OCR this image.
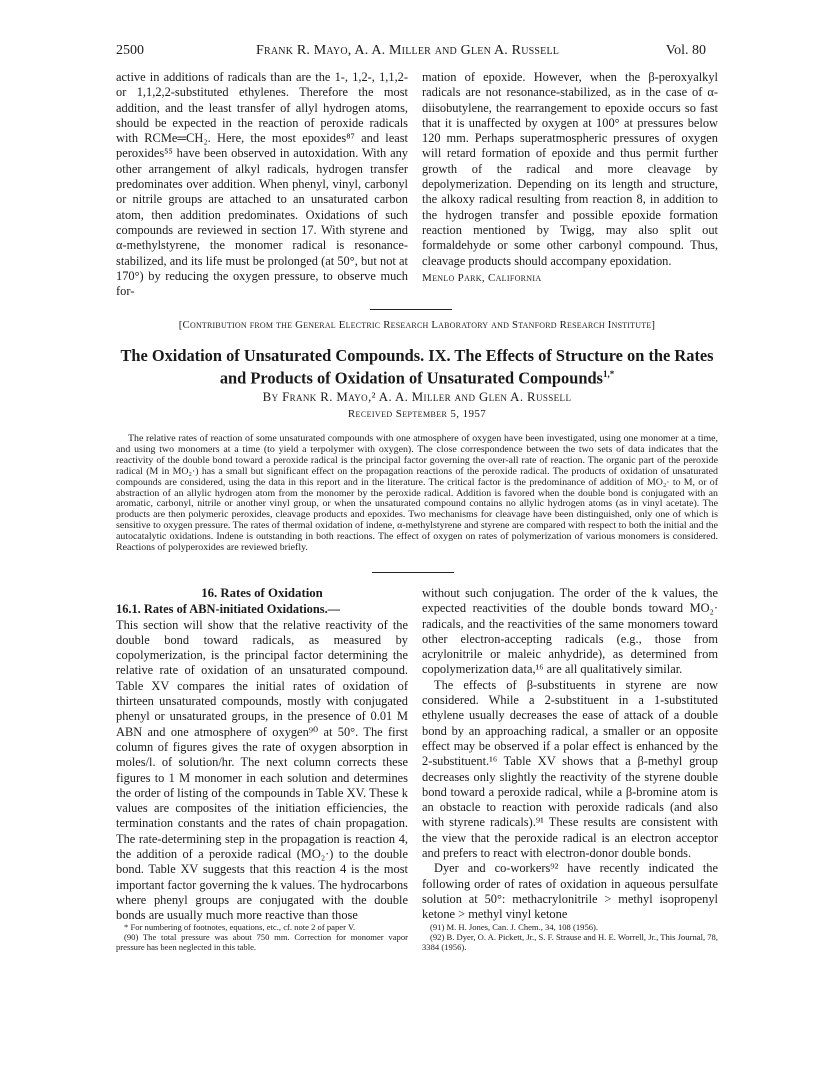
2500	Frank R. Mayo, A. A. Miller and Glen A. Russell	Vol. 80

active in additions of radicals than are the 1-, 1,2-, 1,1,2- or 1,1,2,2-substituted ethylenes. Therefore the most addition, and the least transfer of allyl hydrogen atoms, should be expected in the reaction of peroxide radicals with RCMe═CH₂. Here, the most epoxides⁸⁷ and least peroxides⁵⁵ have been observed in autoxidation. With any other arrangement of alkyl radicals, hydrogen transfer predominates over addition. When phenyl, vinyl, carbonyl or nitrile groups are attached to an unsaturated carbon atom, then addition predominates. Oxidations of such compounds are reviewed in section 17. With styrene and α-methylstyrene, the monomer radical is resonance-stabilized, and its life must be prolonged (at 50°, but not at 170°) by reducing the oxygen pressure, to observe much for-

mation of epoxide. However, when the β-peroxyalkyl radicals are not resonance-stabilized, as in the case of α-diisobutylene, the rearrangement to epoxide occurs so fast that it is unaffected by oxygen at 100° at pressures below 120 mm. Perhaps superatmospheric pressures of oxygen will retard formation of epoxide and thus permit further growth of the radical and more cleavage by depolymerization. Depending on its length and structure, the alkoxy radical resulting from reaction 8, in addition to the hydrogen transfer and possible epoxide formation reaction mentioned by Twigg, may also split out formaldehyde or some other carbonyl compound. Thus, cleavage products should accompany epoxidation.

Menlo Park, California

[Contribution from the General Electric Research Laboratory and Stanford Research Institute]
The Oxidation of Unsaturated Compounds. IX. The Effects of Structure on the Rates and Products of Oxidation of Unsaturated Compounds$^{1,*}$
By Frank R. Mayo,² A. A. Miller and Glen A. Russell
Received September 5, 1957
The relative rates of reaction of some unsaturated compounds with one atmosphere of oxygen have been investigated, using one monomer at a time, and using two monomers at a time (to yield a terpolymer with oxygen). The close correspondence between the two sets of data indicates that the reactivity of the double bond toward a peroxide radical is the principal factor governing the over-all rate of reaction. The organic part of the peroxide radical (M in MO₂·) has a small but significant effect on the propagation reactions of the peroxide radical. The products of oxidation of unsaturated compounds are considered, using the data in this report and in the literature. The critical factor is the predominance of addition of MO₂· to M, or of abstraction of an allylic hydrogen atom from the monomer by the peroxide radical. Addition is favored when the double bond is conjugated with an aromatic, carbonyl, nitrile or another vinyl group, or when the unsaturated compound contains no allylic hydrogen atoms (as in vinyl acetate). The products are then polymeric peroxides, cleavage products and epoxides. Two mechanisms for cleavage have been distinguished, only one of which is sensitive to oxygen pressure. The rates of thermal oxidation of indene, α-methylstyrene and styrene are compared with respect to both the initial and the autocatalytic oxidations. Indene is outstanding in both reactions. The effect of oxygen on rates of polymerization of various monomers is considered. Reactions of polyperoxides are reviewed briefly.
16. Rates of Oxidation

16.1. Rates of ABN-initiated Oxidations.—

This section will show that the relative reactivity of the double bond toward radicals, as measured by copolymerization, is the principal factor determining the relative rate of oxidation of an unsaturated compound. Table XV compares the initial rates of oxidation of thirteen unsaturated compounds, mostly with conjugated phenyl or unsaturated groups, in the presence of 0.01 M ABN and one atmosphere of oxygen⁹⁰ at 50°. The first column of figures gives the rate of oxygen absorption in moles/l. of solution/hr. The next column corrects these figures to 1 M monomer in each solution and determines the order of listing of the compounds in Table XV. These k values are composites of the initiation efficiencies, the termination constants and the rates of chain propagation. The rate-determining step in the propagation is reaction 4, the addition of a peroxide radical (MO₂·) to the double bond. Table XV suggests that this reaction 4 is the most important factor governing the k values. The hydrocarbons where phenyl groups are conjugated with the double bonds are usually much more reactive than those

without such conjugation. The order of the k values, the expected reactivities of the double bonds toward MO₂· radicals, and the reactivities of the same monomers toward other electron-accepting radicals (e.g., those from acrylonitrile or maleic anhydride), as determined from copolymerization data,¹⁶ are all qualitatively similar.

The effects of β-substituents in styrene are now considered. While a 2-substituent in a 1-substituted ethylene usually decreases the ease of attack of a double bond by an approaching radical, a smaller or an opposite effect may be observed if a polar effect is enhanced by the 2-substituent.¹⁶ Table XV shows that a β-methyl group decreases only slightly the reactivity of the styrene double bond toward a peroxide radical, while a β-bromine atom is an obstacle to reaction with peroxide radicals (and also with styrene radicals).⁹¹ These results are consistent with the view that the peroxide radical is an electron acceptor and prefers to react with electron-donor double bonds.

Dyer and co-workers⁹² have recently indicated the following order of rates of oxidation in aqueous persulfate solution at 50°: methacrylonitrile > methyl isopropenyl ketone > methyl vinyl ketone

* For numbering of footnotes, equations, etc., cf. note 2 of paper V.

(90) The total pressure was about 750 mm. Correction for monomer vapor pressure has been neglected in this table.

(91) M. H. Jones, Can. J. Chem., 34, 108 (1956).

(92) B. Dyer, O. A. Pickett, Jr., S. F. Strause and H. E. Worrell, Jr., This Journal, 78, 3384 (1956).
